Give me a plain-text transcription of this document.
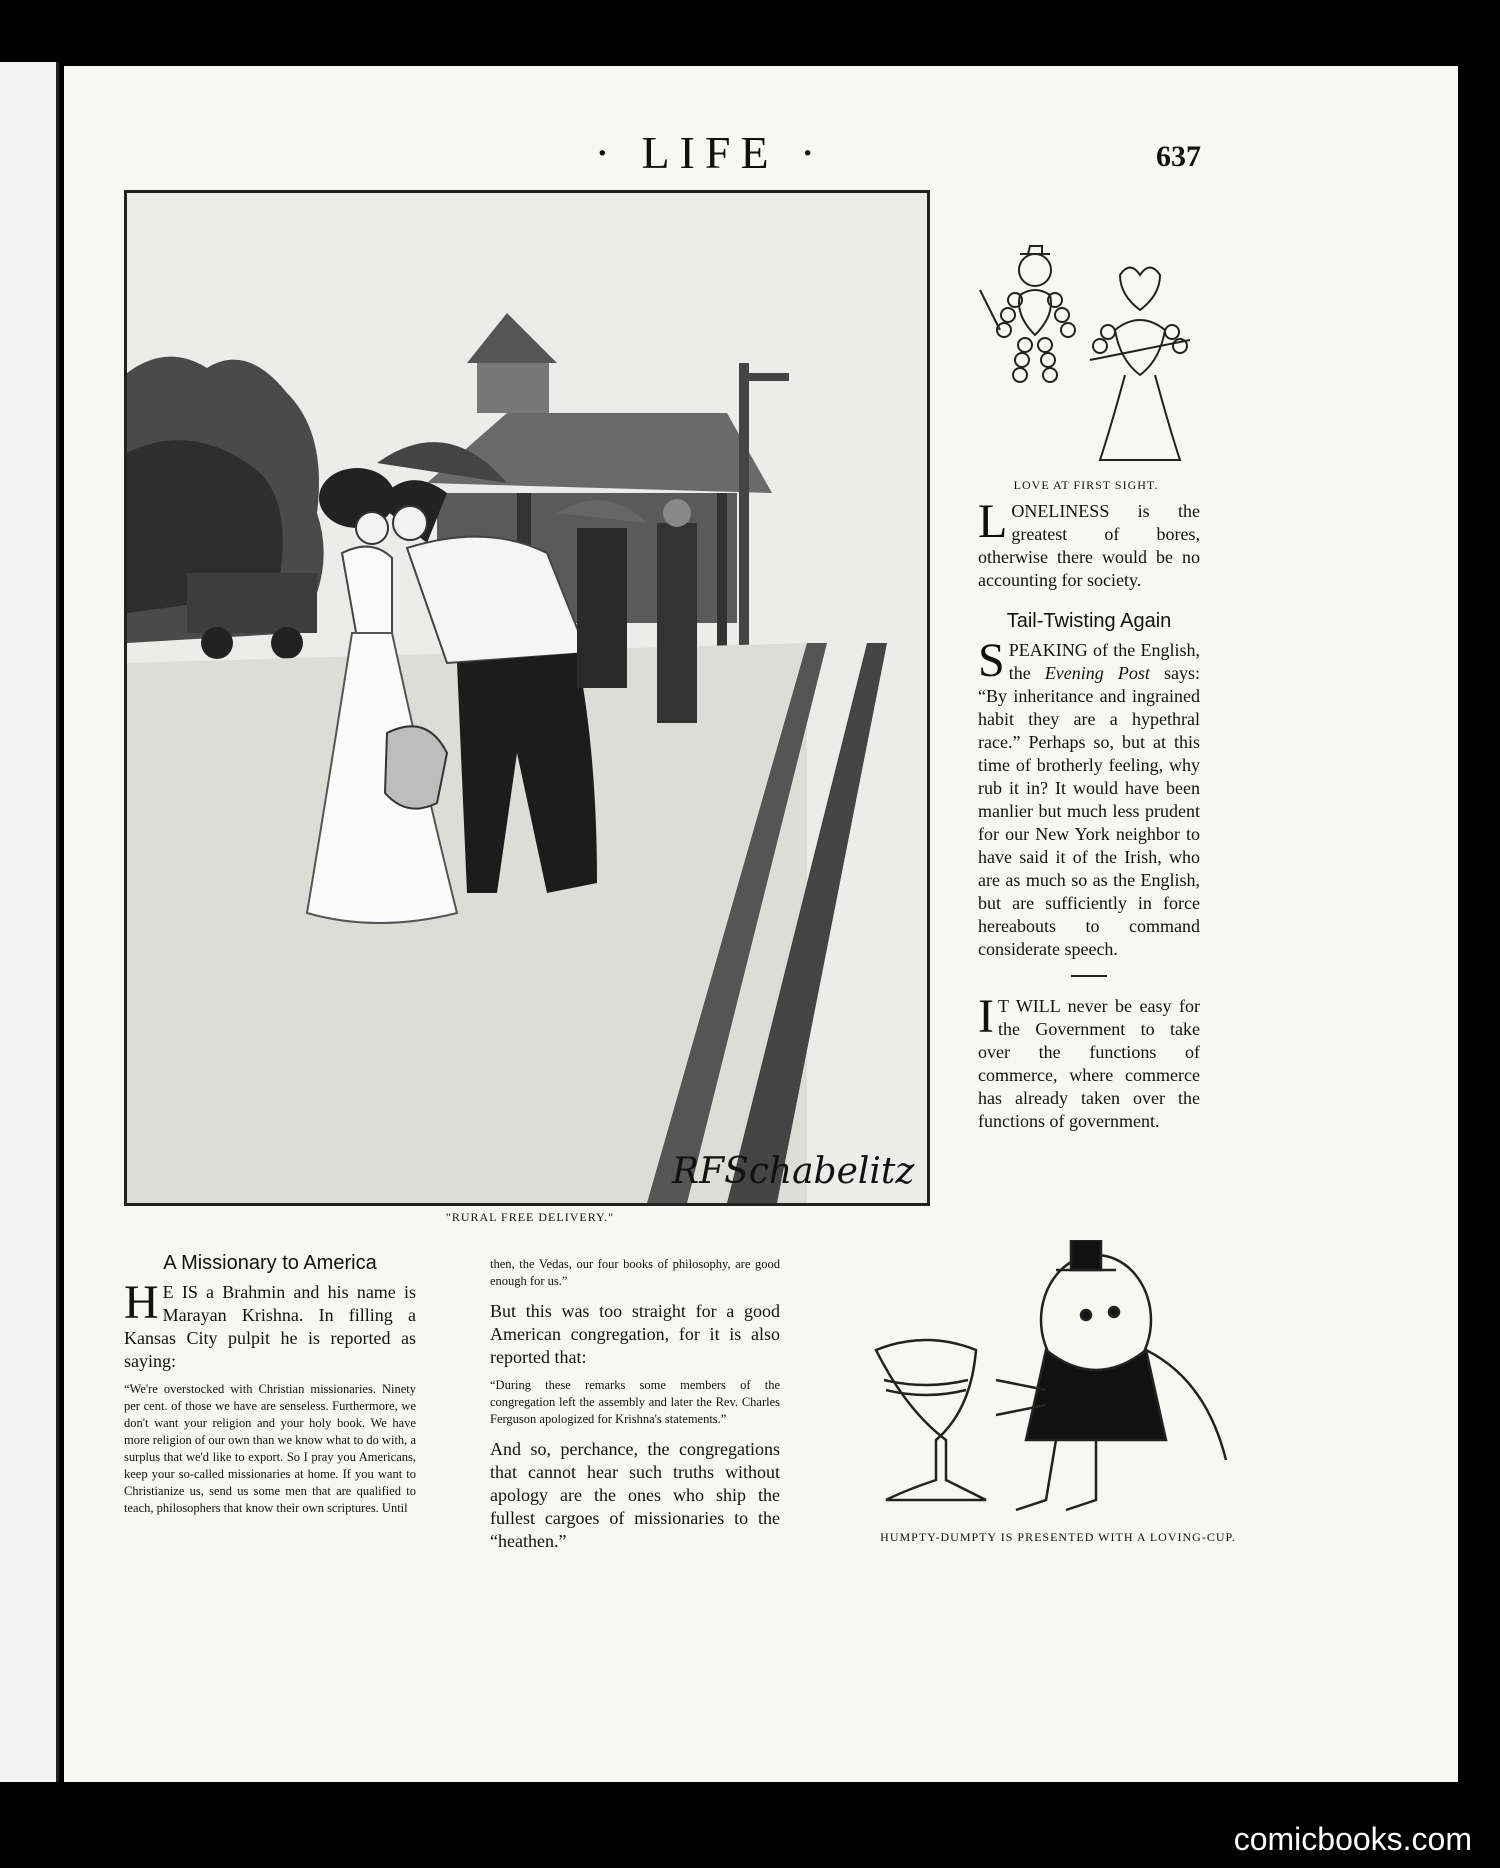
· LIFE ·	637
RFSchabelitz
"RURAL FREE DELIVERY."
LOVE AT FIRST SIGHT.

LONELINESS is the greatest of bores, otherwise there would be no accounting for society.

Tail-Twisting Again

SPEAKING of the English, the Evening Post says: “By inheritance and ingrained habit they are a hypethral race.” Perhaps so, but at this time of brotherly feeling, why rub it in? It would have been manlier but much less prudent for our New York neighbor to have said it of the Irish, who are as much so as the English, but are sufficiently in force hereabouts to command considerate speech.

I T WILL never be easy for the Government to take over the functions of commerce, where commerce has already taken over the functions of government.

HUMPTY-DUMPTY IS PRESENTED WITH A LOVING-CUP.
A Missionary to America

H E IS a Brahmin and his name is Marayan Krishna. In filling a Kansas City pulpit he is reported as saying:

“We're overstocked with Christian missionaries. Ninety per cent. of those we have are senseless. Furthermore, we don't want your religion and your holy book. We have more religion of our own than we know what to do with, a surplus that we'd like to export. So I pray you Americans, keep your so-called missionaries at home. If you want to Christianize us, send us some men that are qualified to teach, philosophers that know their own scriptures. Until

then, the Vedas, our four books of philosophy, are good enough for us.”

But this was too straight for a good American congregation, for it is also reported that:

“During these remarks some members of the congregation left the assembly and later the Rev. Charles Ferguson apologized for Krishna's statements.”

And so, perchance, the congregations that cannot hear such truths without apology are the ones who ship the fullest cargoes of missionaries to the “heathen.”

comicbooks.com
